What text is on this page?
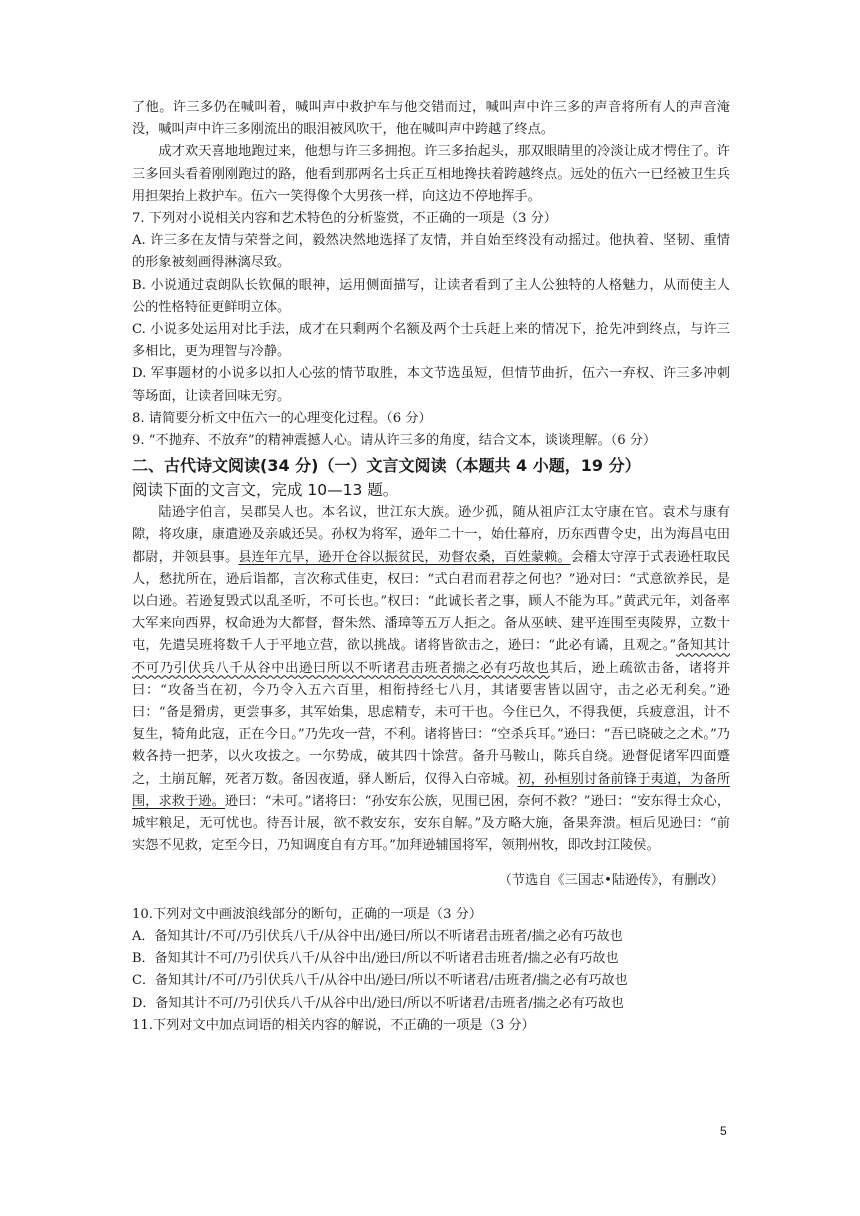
了他。许三多仍在喊叫着，喊叫声中救护车与他交错而过，喊叫声中许三多的声音将所有人的声音淹没，喊叫声中许三多刚流出的眼泪被风吹干，他在喊叫声中跨越了终点。

成才欢天喜地地跑过来，他想与许三多拥抱。许三多抬起头，那双眼睛里的冷淡让成才愕住了。许三多回头看着刚刚跑过的路，他看到那两名士兵正互相地搀扶着跨越终点。远处的伍六一已经被卫生兵用担架抬上救护车。伍六一笑得像个大男孩一样，向这边不停地挥手。

7. 下列对小说相关内容和艺术特色的分析鉴赏，不正确的一项是（3 分）

A. 许三多在友情与荣誉之间，毅然决然地选择了友情，并自始至终没有动摇过。他执着、坚韧、重情的形象被刻画得淋漓尽致。

B. 小说通过袁朗队长钦佩的眼神，运用侧面描写，让读者看到了主人公独特的人格魅力，从而使主人公的性格特征更鲜明立体。

C. 小说多处运用对比手法，成才在只剩两个名额及两个士兵赶上来的情况下，抢先冲到终点，与许三多相比，更为理智与冷静。

D. 军事题材的小说多以扣人心弦的情节取胜，本文节选虽短，但情节曲折，伍六一弃权、许三多冲刺等场面，让读者回味无穷。

8. 请简要分析文中伍六一的心理变化过程。（6 分）

9. “不抛弃、不放弃”的精神震撼人心。请从许三多的角度，结合文本，谈谈理解。（6 分）

二、古代诗文阅读(34 分)（一）文言文阅读（本题共 4 小题，19 分）
阅读下面的文言文，完成 10—13 题。

陆逊字伯言，吴郡吴人也。本名议，世江东大族。逊少孤，随从祖庐江太守康在官。袁术与康有隙，将攻康，康遣逊及亲戚还吴。孙权为将军，逊年二十一，始仕幕府，历东西曹令史，出为海昌屯田都尉，并领县事。县连年亢旱，逊开仓谷以振贫民，劝督农桑，百姓蒙赖。会稽太守淳于式表逊枉取民人，愁扰所在，逊后诣都，言次称式佳吏，权曰：“式白君而君荐之何也？”逊对曰：“式意欲养民，是以白逊。若逊复毁式以乱圣听，不可长也。”权曰：“此诚长者之事，顾人不能为耳。”黄武元年，刘备率大军来向西界，权命逊为大都督，督朱然、潘璋等五万人拒之。备从巫峡、建平连围至夷陵界，立数十屯，先遣吴班将数千人于平地立营，欲以挑战。诸将皆欲击之，逊曰：“此必有谲，且观之。”备知其计不可乃引伏兵八千从谷中出逊曰所以不听诸君击班者揣之必有巧故也其后，逊上疏欲击备，诸将并曰：“攻备当在初，今乃令入五六百里，相衔持经七八月，其诸要害皆以固守，击之必无利矣。”逊曰：“备是猾虏，更尝事多，其军始集，思虑精专，未可干也。今住已久，不得我便，兵疲意沮，计不复生，犄角此寇，正在今日。”乃先攻一营，不利。诸将皆曰：“空杀兵耳。”逊曰：“吾已晓破之之术。”乃敕各持一把茅，以火攻拔之。一尔势成，破其四十馀营。备升马鞍山，陈兵自绕。逊督促诸军四面蹙之，土崩瓦解，死者万数。备因夜遁，驿人断后，仅得入白帝城。初，孙桓别讨备前锋于夷道，为备所围，求救于逊。逊曰：“未可。”诸将曰：“孙安东公族，见围已困，奈何不救？”逊曰：“安东得士众心，城牢粮足，无可忧也。待吾计展，欲不救安东，安东自解。”及方略大施，备果奔溃。桓后见逊曰：“前实怨不见救，定至今日，乃知调度自有方耳。”加拜逊辅国将军，领荆州牧，即改封江陵侯。

（节选自《三国志•陆逊传》，有删改）

10.下列对文中画波浪线部分的断句，正确的一项是（3 分）

A．备知其计/不可/乃引伏兵八千/从谷中出/逊曰/所以不听诸君击班者/揣之必有巧故也

B．备知其计不可/乃引伏兵八千/从谷中出/逊曰/所以不听诸君击班者/揣之必有巧故也

C．备知其计/不可/乃引伏兵八千/从谷中出/逊曰/所以不听诸君/击班者/揣之必有巧故也

D．备知其计不可/乃引伏兵八千/从谷中出/逊曰/所以不听诸君/击班者/揣之必有巧故也

11.下列对文中加点词语的相关内容的解说，不正确的一项是（3 分）

5
